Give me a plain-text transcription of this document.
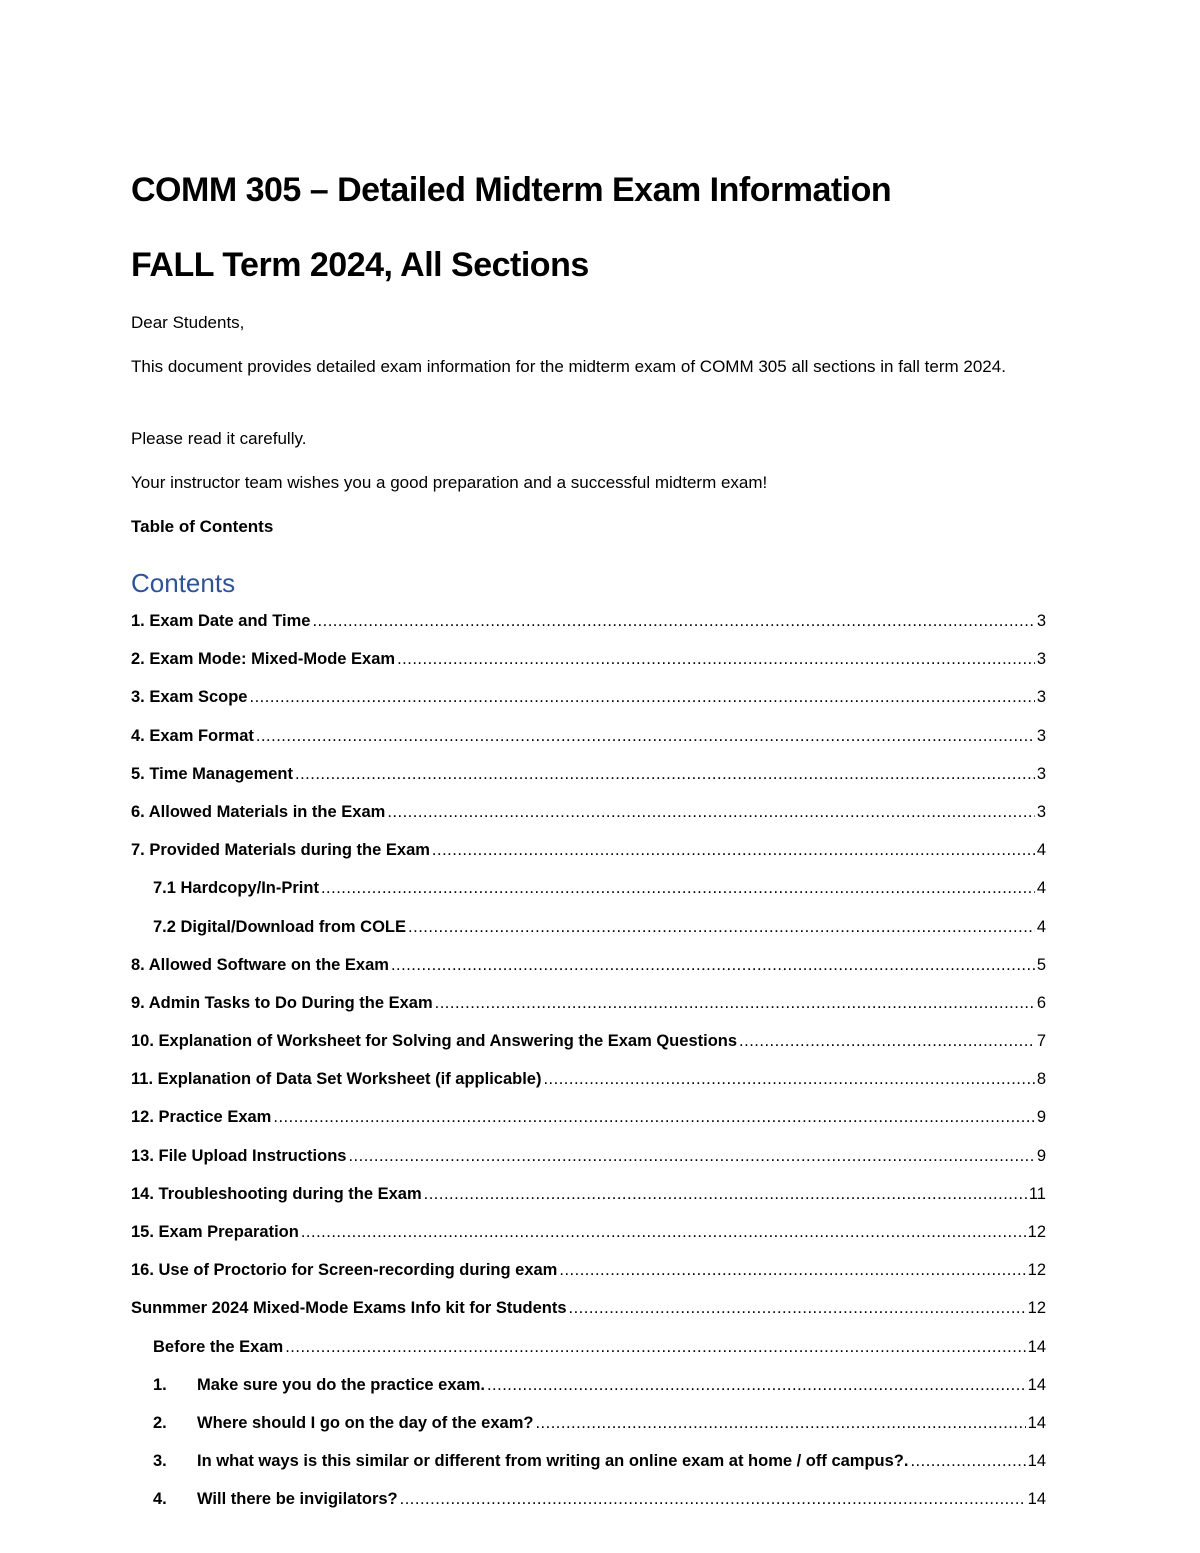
COMM 305 – Detailed Midterm Exam Information
FALL Term 2024, All Sections
Dear Students,
This document provides detailed exam information for the midterm exam of COMM 305 all sections in fall term 2024.
Please read it carefully.
Your instructor team wishes you a good preparation and a successful midterm exam!
Table of Contents
Contents
1. Exam Date and Time .....	3
2. Exam Mode: Mixed-Mode Exam .....	3
3. Exam Scope .....	3
4. Exam Format .....	3
5. Time Management .....	3
6. Allowed Materials in the Exam .....	3
7. Provided Materials during the Exam .....	4
7.1 Hardcopy/In-Print .....	4
7.2 Digital/Download from COLE .....	4
8. Allowed Software on the Exam .....	5
9. Admin Tasks to Do During the Exam .....	6
10. Explanation of Worksheet for Solving and Answering the Exam Questions .....	7
11. Explanation of Data Set Worksheet (if applicable) .....	8
12. Practice Exam .....	9
13. File Upload Instructions .....	9
14. Troubleshooting during the Exam .....	11
15. Exam Preparation .....	12
16. Use of Proctorio for Screen-recording during exam .....	12
Sunmmer 2024 Mixed-Mode Exams Info kit for Students .....	12
Before the Exam .....	14
1.	Make sure you do the practice exam. .....	14
2.	Where should I go on the day of the exam? .....	14
3.	In what ways is this similar or different from writing an online exam at home / off campus?. .....	14
4.	Will there be invigilators? .....	14
